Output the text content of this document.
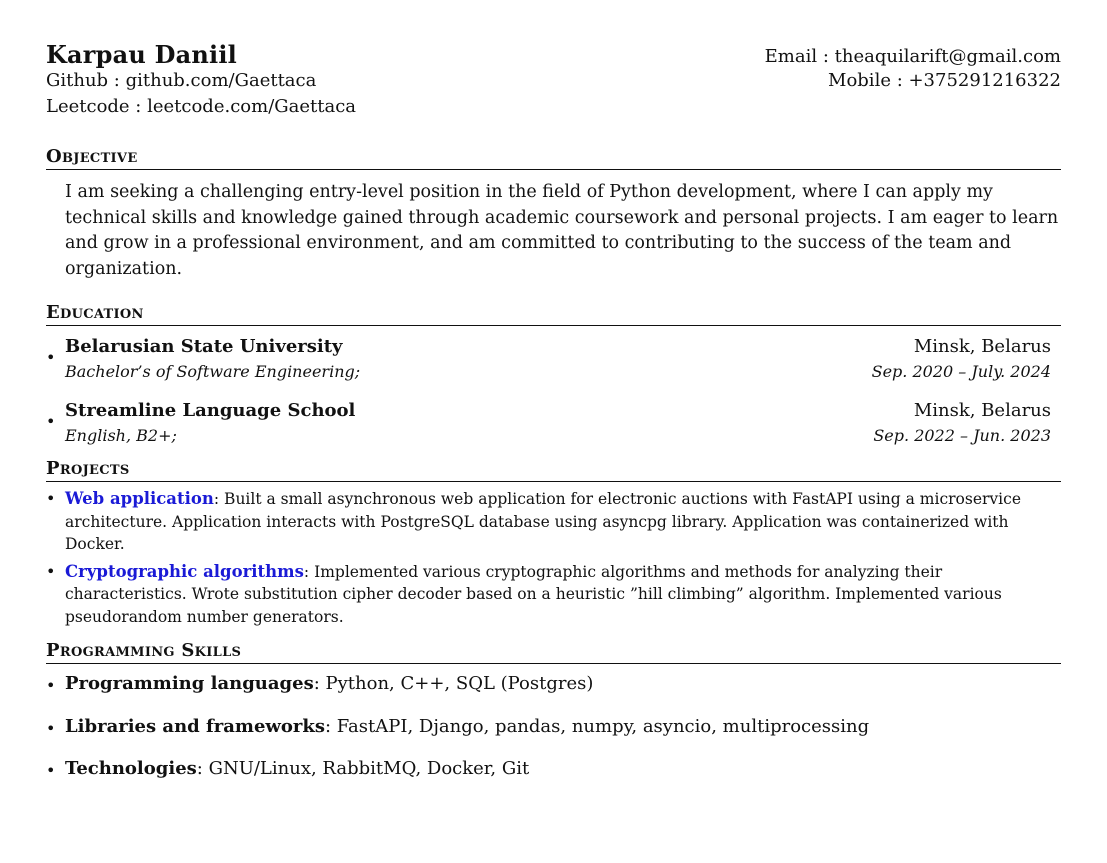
Karpau Daniil
Github : github.com/Gaettaca
Leetcode : leetcode.com/Gaettaca
Email : theaquilarift@gmail.com
Mobile : +375291216322
Objective

I am seeking a challenging entry-level position in the field of Python development, where I can apply my technical skills and knowledge gained through academic coursework and personal projects. I am eager to learn and grow in a professional environment, and am committed to contributing to the success of the team and organization.

Education
•
Belarusian State University	Minsk, Belarus
Bachelor’s of Software Engineering;	Sep. 2020 – July. 2024
•
Streamline Language School	Minsk, Belarus
English, B2+;	Sep. 2022 – Jun. 2023
Projects
• Web application: Built a small asynchronous web application for electronic auctions with FastAPI using a microservice architecture. Application interacts with PostgreSQL database using asyncpg library. Application was containerized with Docker.
• Cryptographic algorithms: Implemented various cryptographic algorithms and methods for analyzing their characteristics. Wrote substitution cipher decoder based on a heuristic ”hill climbing” algorithm. Implemented various pseudorandom number generators.
Programming Skills
• Programming languages: Python, C++, SQL (Postgres)
• Libraries and frameworks: FastAPI, Django, pandas, numpy, asyncio, multiprocessing
• Technologies: GNU/Linux, RabbitMQ, Docker, Git
